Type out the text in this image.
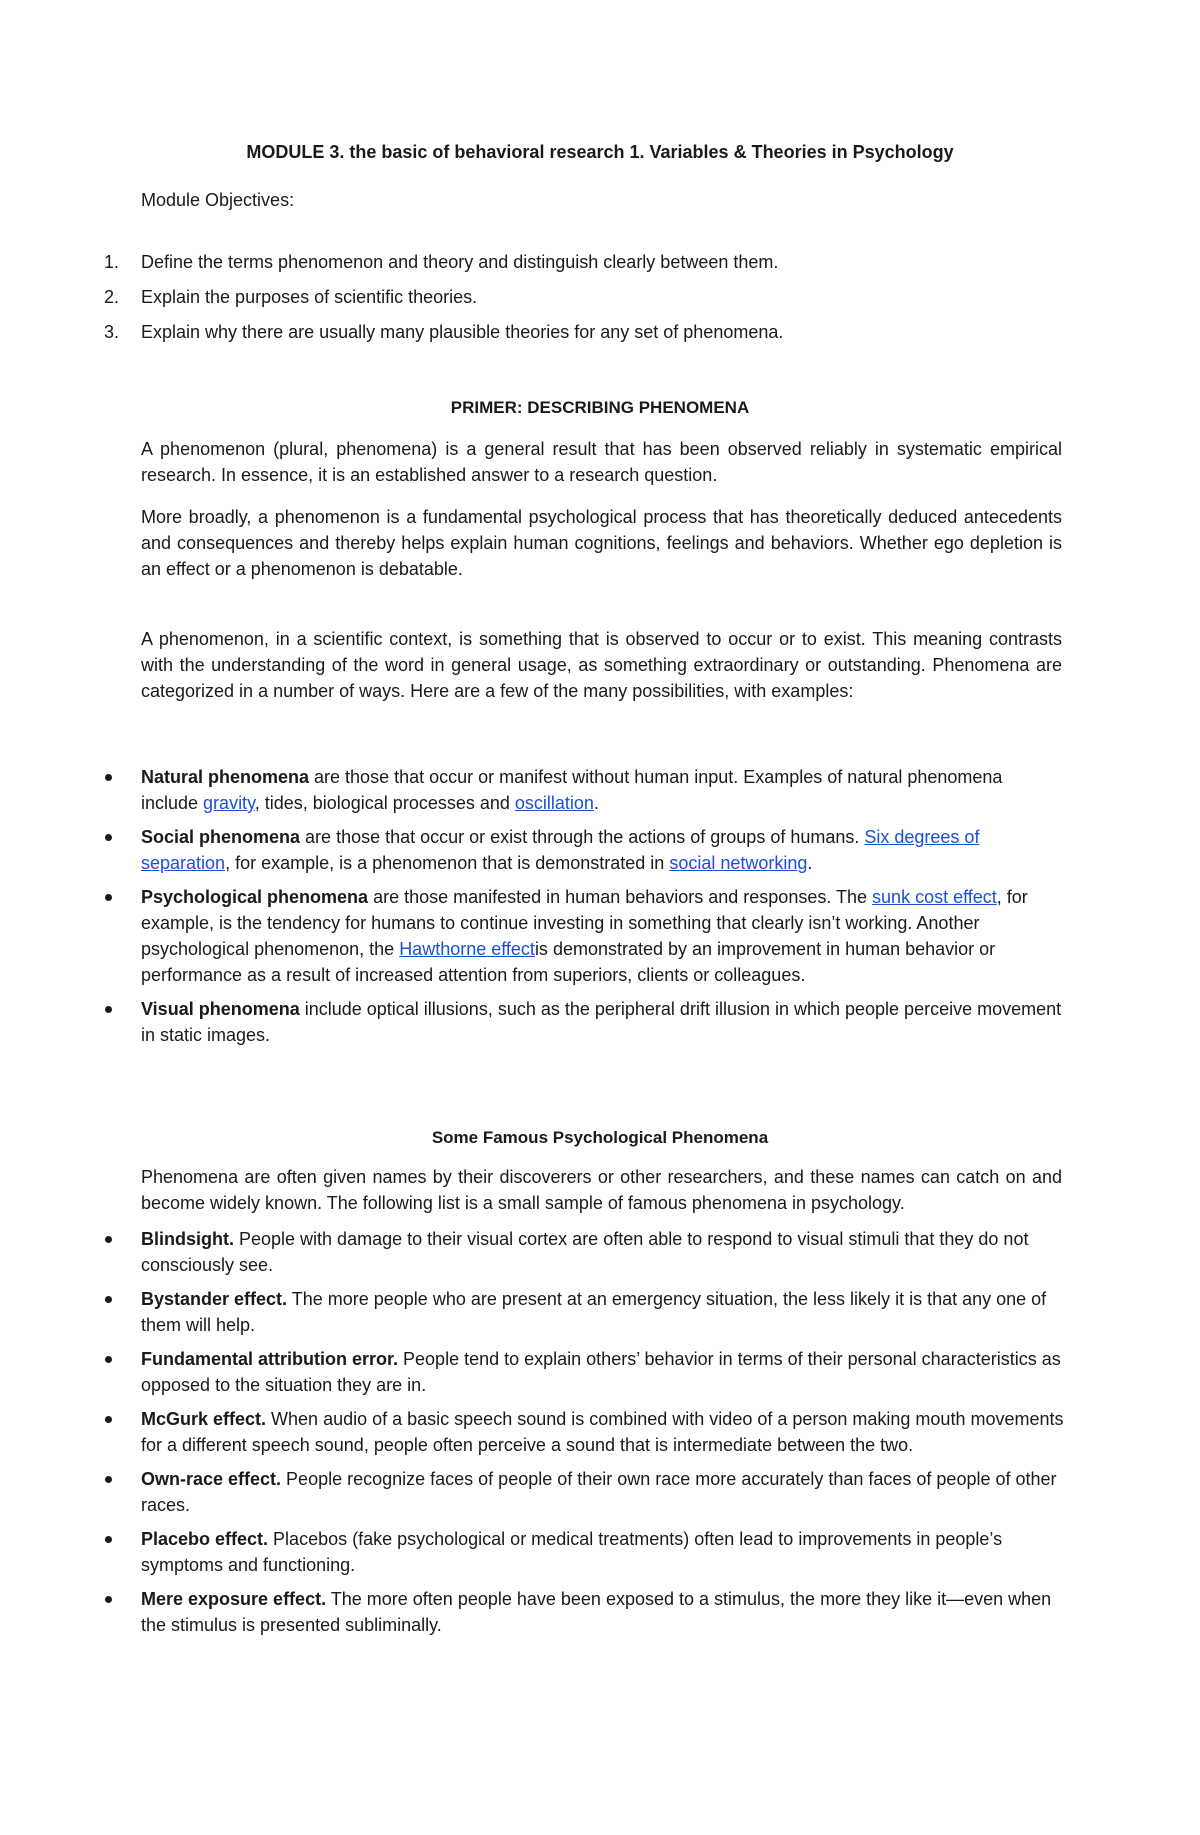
MODULE 3. the basic of behavioral research 1. Variables & Theories in Psychology

Module Objectives:

1. Define the terms phenomenon and theory and distinguish clearly between them.
2. Explain the purposes of scientific theories.
3. Explain why there are usually many plausible theories for any set of phenomena.
PRIMER: DESCRIBING PHENOMENA

A phenomenon (plural, phenomena) is a general result that has been observed reliably in systematic empirical research. In essence, it is an established answer to a research question.

More broadly, a phenomenon is a fundamental psychological process that has theoretically deduced antecedents and consequences and thereby helps explain human cognitions, feelings and behaviors. Whether ego depletion is an effect or a phenomenon is debatable.

A phenomenon, in a scientific context, is something that is observed to occur or to exist. This meaning contrasts with the understanding of the word in general usage, as something extraordinary or outstanding. Phenomena are categorized in a number of ways. Here are a few of the many possibilities, with examples:

Natural phenomena are those that occur or manifest without human input. Examples of natural phenomena include gravity, tides, biological processes and oscillation.
Social phenomena are those that occur or exist through the actions of groups of humans. Six degrees of separation, for example, is a phenomenon that is demonstrated in social networking.
Psychological phenomena are those manifested in human behaviors and responses. The sunk cost effect, for example, is the tendency for humans to continue investing in something that clearly isn’t working. Another psychological phenomenon, the Hawthorne effectis demonstrated by an improvement in human behavior or performance as a result of increased attention from superiors, clients or colleagues.
Visual phenomena include optical illusions, such as the peripheral drift illusion in which people perceive movement in static images.
Some Famous Psychological Phenomena

Phenomena are often given names by their discoverers or other researchers, and these names can catch on and become widely known. The following list is a small sample of famous phenomena in psychology.

Blindsight. People with damage to their visual cortex are often able to respond to visual stimuli that they do not consciously see.
Bystander effect. The more people who are present at an emergency situation, the less likely it is that any one of them will help.
Fundamental attribution error. People tend to explain others’ behavior in terms of their personal characteristics as opposed to the situation they are in.
McGurk effect. When audio of a basic speech sound is combined with video of a person making mouth movements for a different speech sound, people often perceive a sound that is intermediate between the two.
Own-race effect. People recognize faces of people of their own race more accurately than faces of people of other races.
Placebo effect. Placebos (fake psychological or medical treatments) often lead to improvements in people’s symptoms and functioning.
Mere exposure effect. The more often people have been exposed to a stimulus, the more they like it—even when the stimulus is presented subliminally.
